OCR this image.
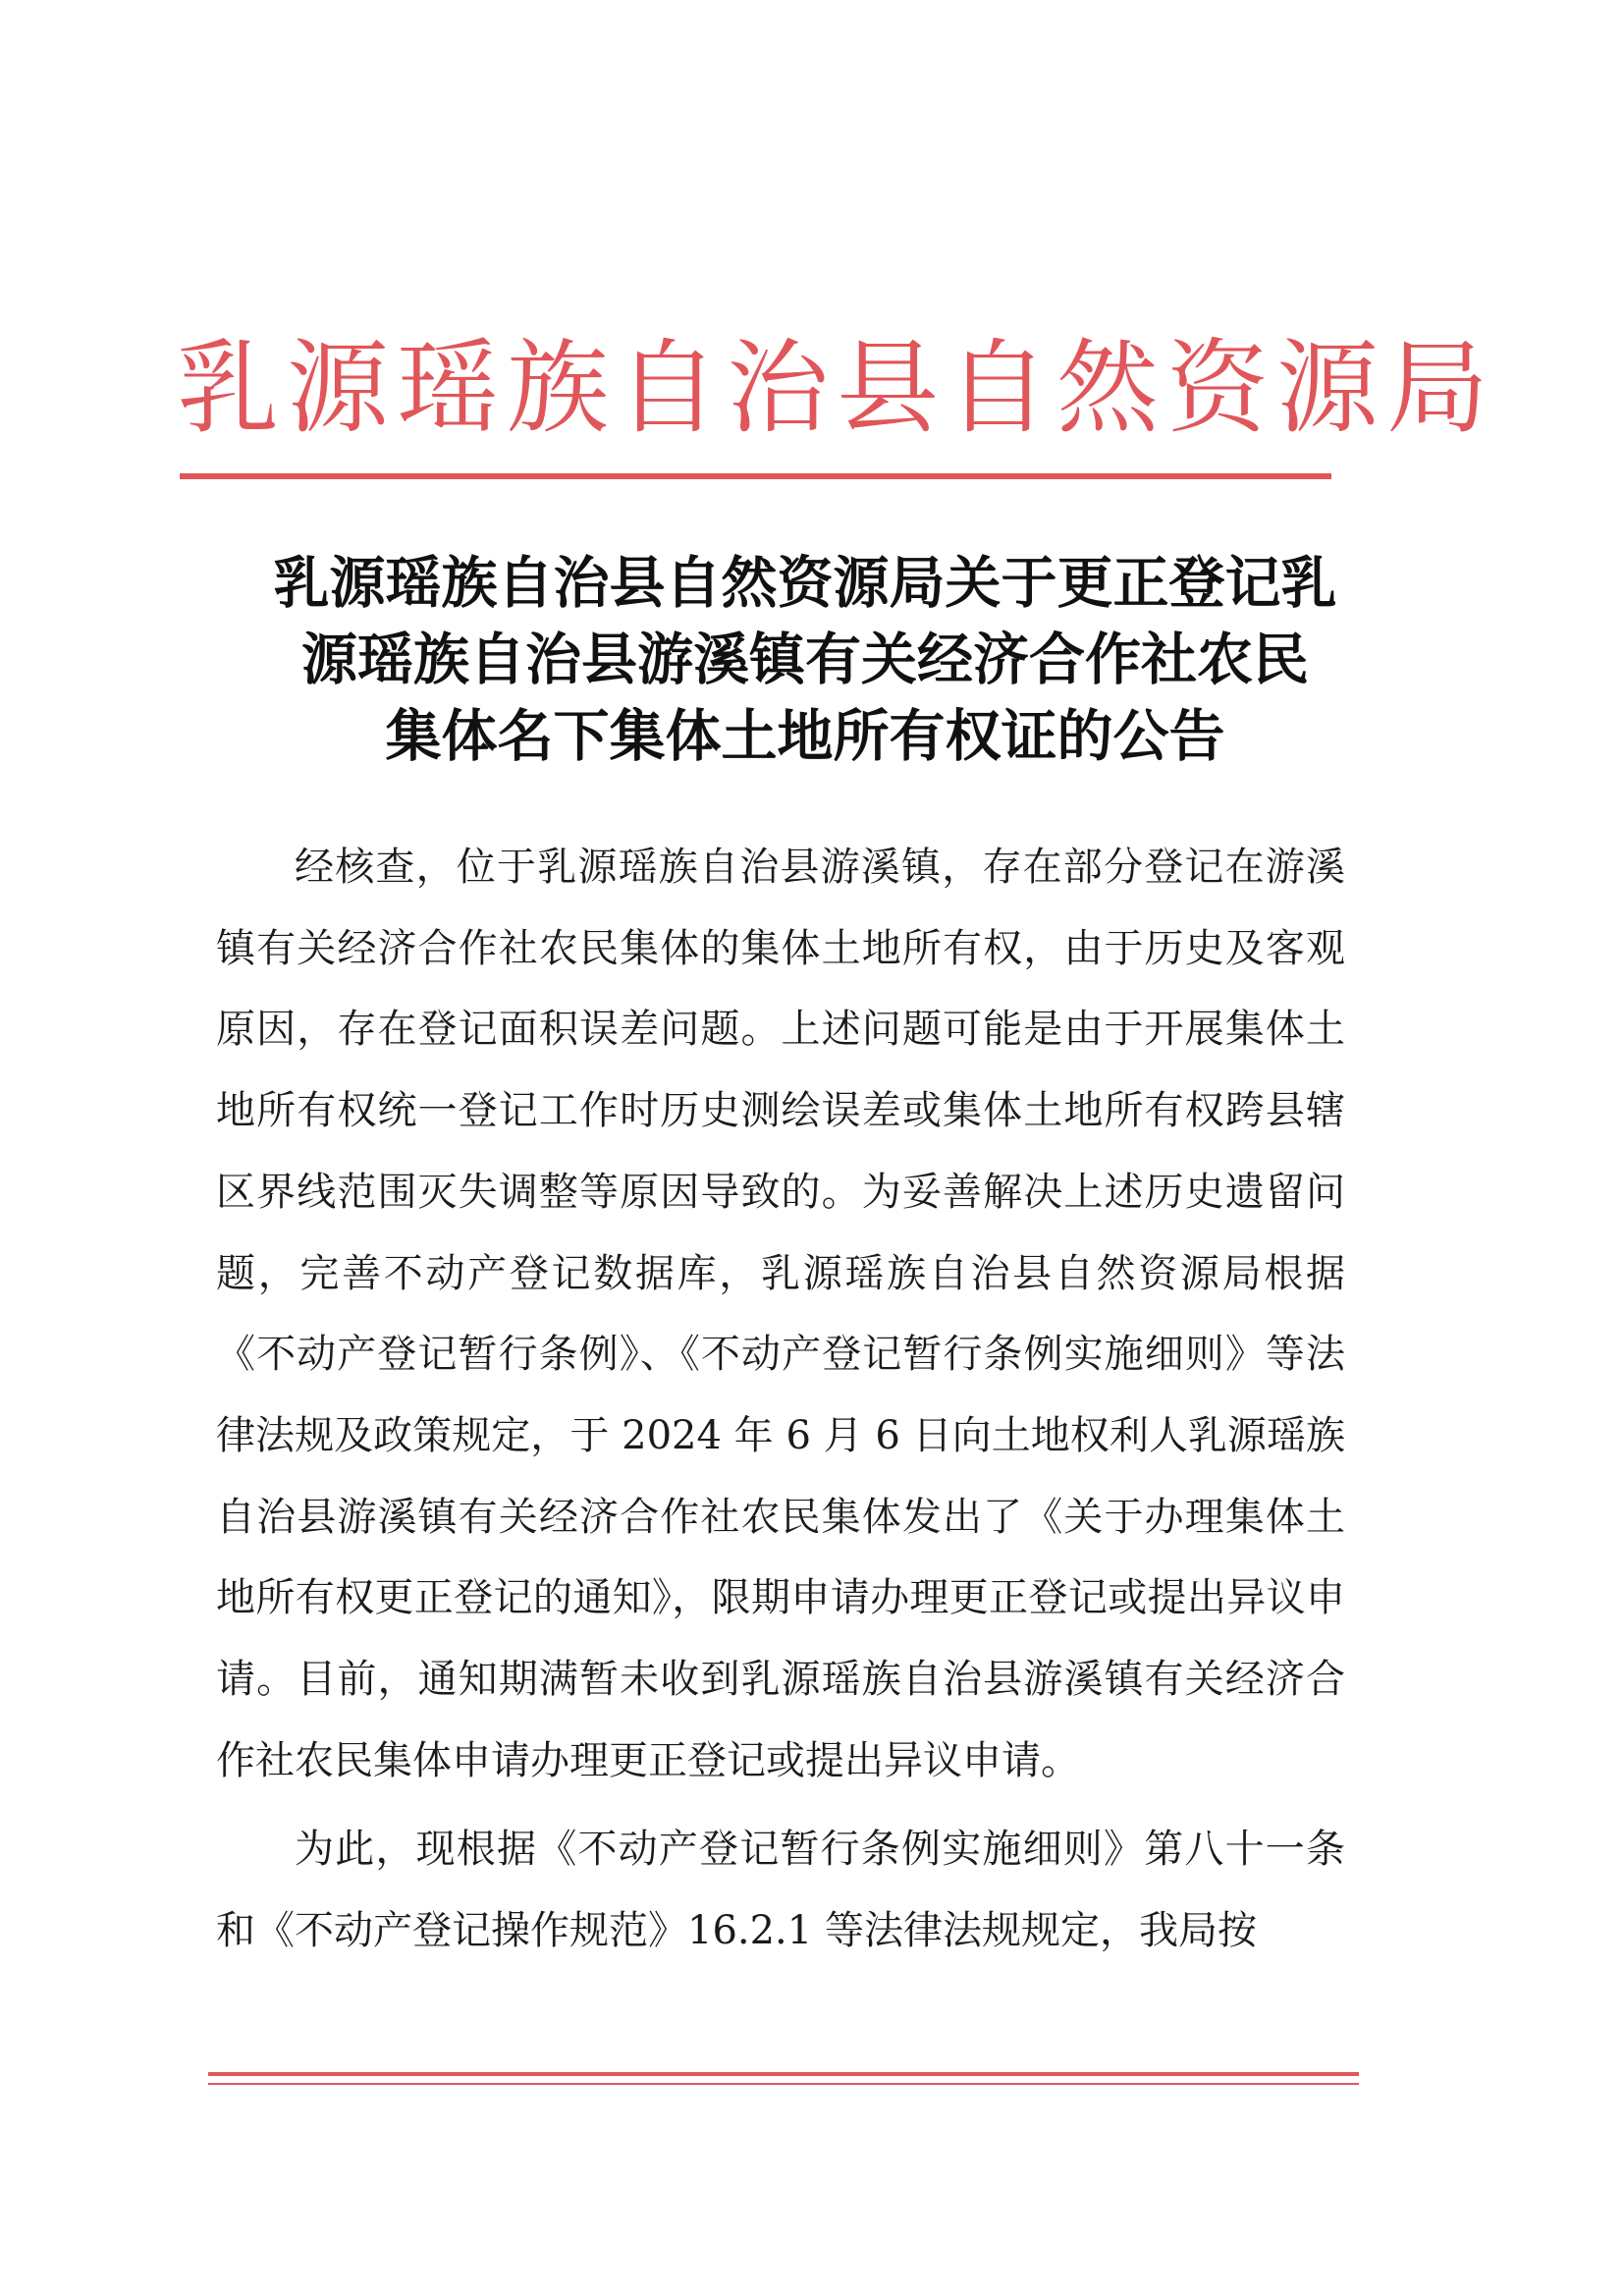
乳源瑶族自治县自然资源局
乳源瑶族自治县自然资源局关于更正登记乳
源瑶族自治县游溪镇有关经济合作社农民
集体名下集体土地所有权证的公告

经核查，位于乳源瑶族自治县游溪镇，存在部分登记在游溪镇有关经济合作社农民集体的集体土地所有权，由于历史及客观原因，存在登记面积误差问题。上述问题可能是由于开展集体土地所有权统一登记工作时历史测绘误差或集体土地所有权跨县辖区界线范围灭失调整等原因导致的。为妥善解决上述历史遗留问题，完善不动产登记数据库，乳源瑶族自治县自然资源局根据《不动产登记暂行条例》、《不动产登记暂行条例实施细则》等法律法规及政策规定，于 2024 年 6 月 6 日向土地权利人乳源瑶族自治县游溪镇有关经济合作社农民集体发出了《关于办理集体土地所有权更正登记的通知》，限期申请办理更正登记或提出异议申请。目前，通知期满暂未收到乳源瑶族自治县游溪镇有关经济合作社农民集体申请办理更正登记或提出异议申请。

为此，现根据《不动产登记暂行条例实施细则》第八十一条和《不动产登记操作规范》16.2.1 等法律法规规定，我局按
